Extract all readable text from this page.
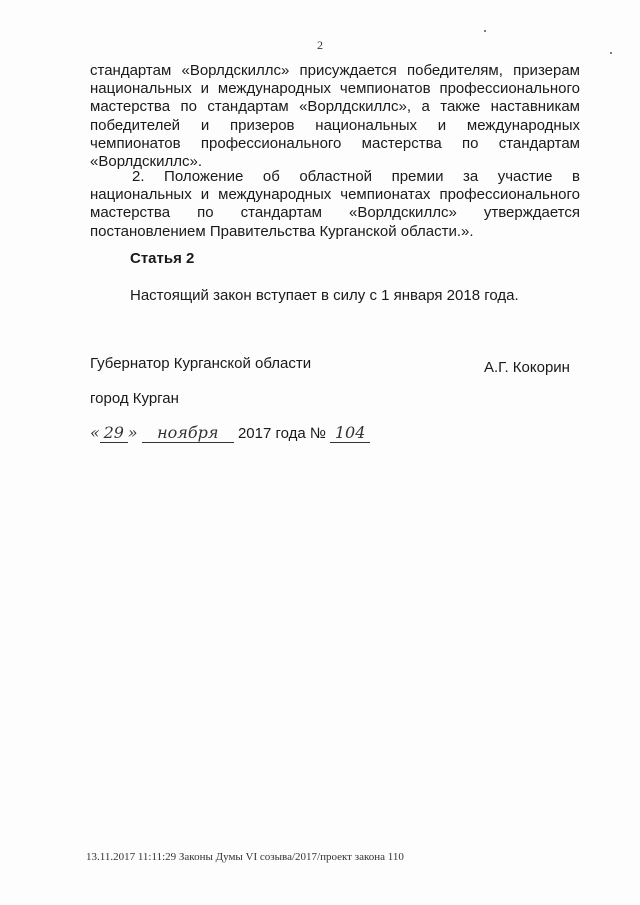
2

стандартам «Ворлдскиллс» присуждается победителям, призерам

национальных и международных чемпионатов профессионального

мастерства по стандартам «Ворлдскиллс», а также наставникам

победителей и призеров национальных и международных

чемпионатов профессионального мастерства по стандартам

«Ворлдскиллс».

2. Положение об областной премии за участие в

национальных и международных чемпионатах профессионального

мастерства по стандартам «Ворлдскиллс» утверждается

постановлением Правительства Курганской области.».

Статья 2
Настоящий закон вступает в силу с 1 января 2018 года.
Губернатор Курганской области	А.Г. Кокорин
город Курган
« 29 » ноября 2017 года № 104
13.11.2017 11:11:29 Законы Думы VI созыва/2017/проект закона 110
